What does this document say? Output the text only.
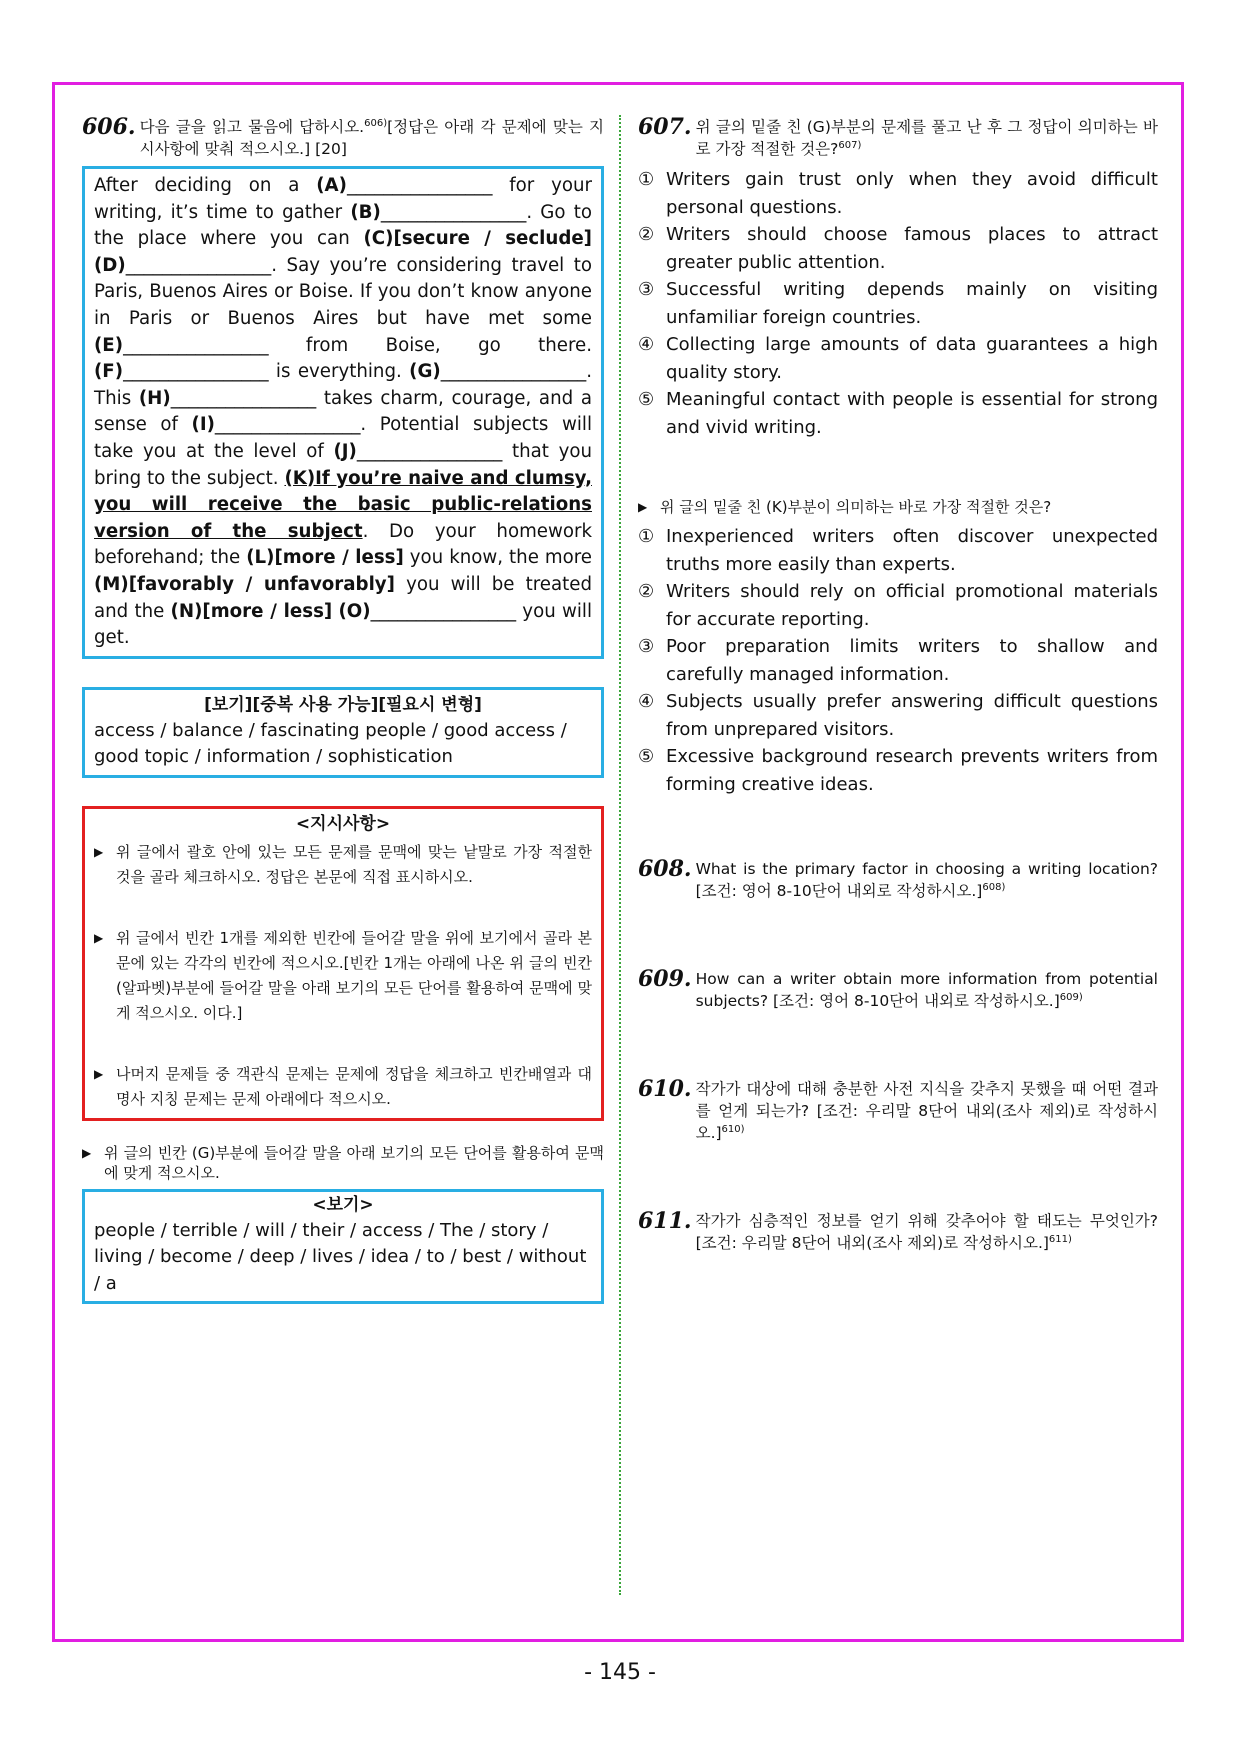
606. 다음 글을 읽고 물음에 답하시오.$^{606)}$[정답은 아래 각 문제에 맞는 지시사항에 맞춰 적으시오.] [20]
After deciding on a (A)________________ for your writing, it’s time to gather (B)________________. Go to the place where you can (C)[secure / seclude] (D)________________. Say you’re considering travel to Paris, Buenos Aires or Boise. If you don’t know anyone in Paris or Buenos Aires but have met some (E)________________ from Boise, go there. (F)________________ is everything. (G)________________. This (H)________________ takes charm, courage, and a sense of (I)________________. Potential subjects will take you at the level of (J)________________ that you bring to the subject. (K)If you’re naive and clumsy, you will receive the basic public-relations version of the subject. Do your homework beforehand; the (L)[more / less] you know, the more (M)[favorably / unfavorably] you will be treated and the (N)[more / less] (O)________________ you will get.
[보기][중복 사용 가능][필요시 변형]
access / balance / fascinating people / good access / good topic / information / sophistication
<지시사항>
▶ 위 글에서 괄호 안에 있는 모든 문제를 문맥에 맞는 낱말로 가장 적절한 것을 골라 체크하시오. 정답은 본문에 직접 표시하시오.
▶ 위 글에서 빈칸 1개를 제외한 빈칸에 들어갈 말을 위에 보기에서 골라 본문에 있는 각각의 빈칸에 적으시오.[빈칸 1개는 아래에 나온 위 글의 빈칸 (알파벳)부분에 들어갈 말을 아래 보기의 모든 단어를 활용하여 문맥에 맞게 적으시오. 이다.]
▶ 나머지 문제들 중 객관식 문제는 문제에 정답을 체크하고 빈칸배열과 대명사 지칭 문제는 문제 아래에다 적으시오.
▶ 위 글의 빈칸 (G)부분에 들어갈 말을 아래 보기의 모든 단어를 활용하여 문맥에 맞게 적으시오.
<보기>
people / terrible / will / their / access / The / story / living / become / deep / lives / idea / to / best / without / a
607. 위 글의 밑줄 친 (G)부분의 문제를 풀고 난 후 그 정답이 의미하는 바로 가장 적절한 것은?$^{607)}$
① Writers gain trust only when they avoid difficult personal questions.
② Writers should choose famous places to attract greater public attention.
③ Successful writing depends mainly on visiting unfamiliar foreign countries.
④ Collecting large amounts of data guarantees a high quality story.
⑤ Meaningful contact with people is essential for strong and vivid writing.
▶ 위 글의 밑줄 친 (K)부분이 의미하는 바로 가장 적절한 것은?
① Inexperienced writers often discover unexpected truths more easily than experts.
② Writers should rely on official promotional materials for accurate reporting.
③ Poor preparation limits writers to shallow and carefully managed information.
④ Subjects usually prefer answering difficult questions from unprepared visitors.
⑤ Excessive background research prevents writers from forming creative ideas.
608. What is the primary factor in choosing a writing location? [조건: 영어 8-10단어 내외로 작성하시오.]$^{608)}$
609. How can a writer obtain more information from potential subjects? [조건: 영어 8-10단어 내외로 작성하시오.]$^{609)}$
610. 작가가 대상에 대해 충분한 사전 지식을 갖추지 못했을 때 어떤 결과를 얻게 되는가? [조건: 우리말 8단어 내외(조사 제외)로 작성하시오.]$^{610)}$
611. 작가가 심층적인 정보를 얻기 위해 갖추어야 할 태도는 무엇인가? [조건: 우리말 8단어 내외(조사 제외)로 작성하시오.]$^{611)}$
- 145 -
